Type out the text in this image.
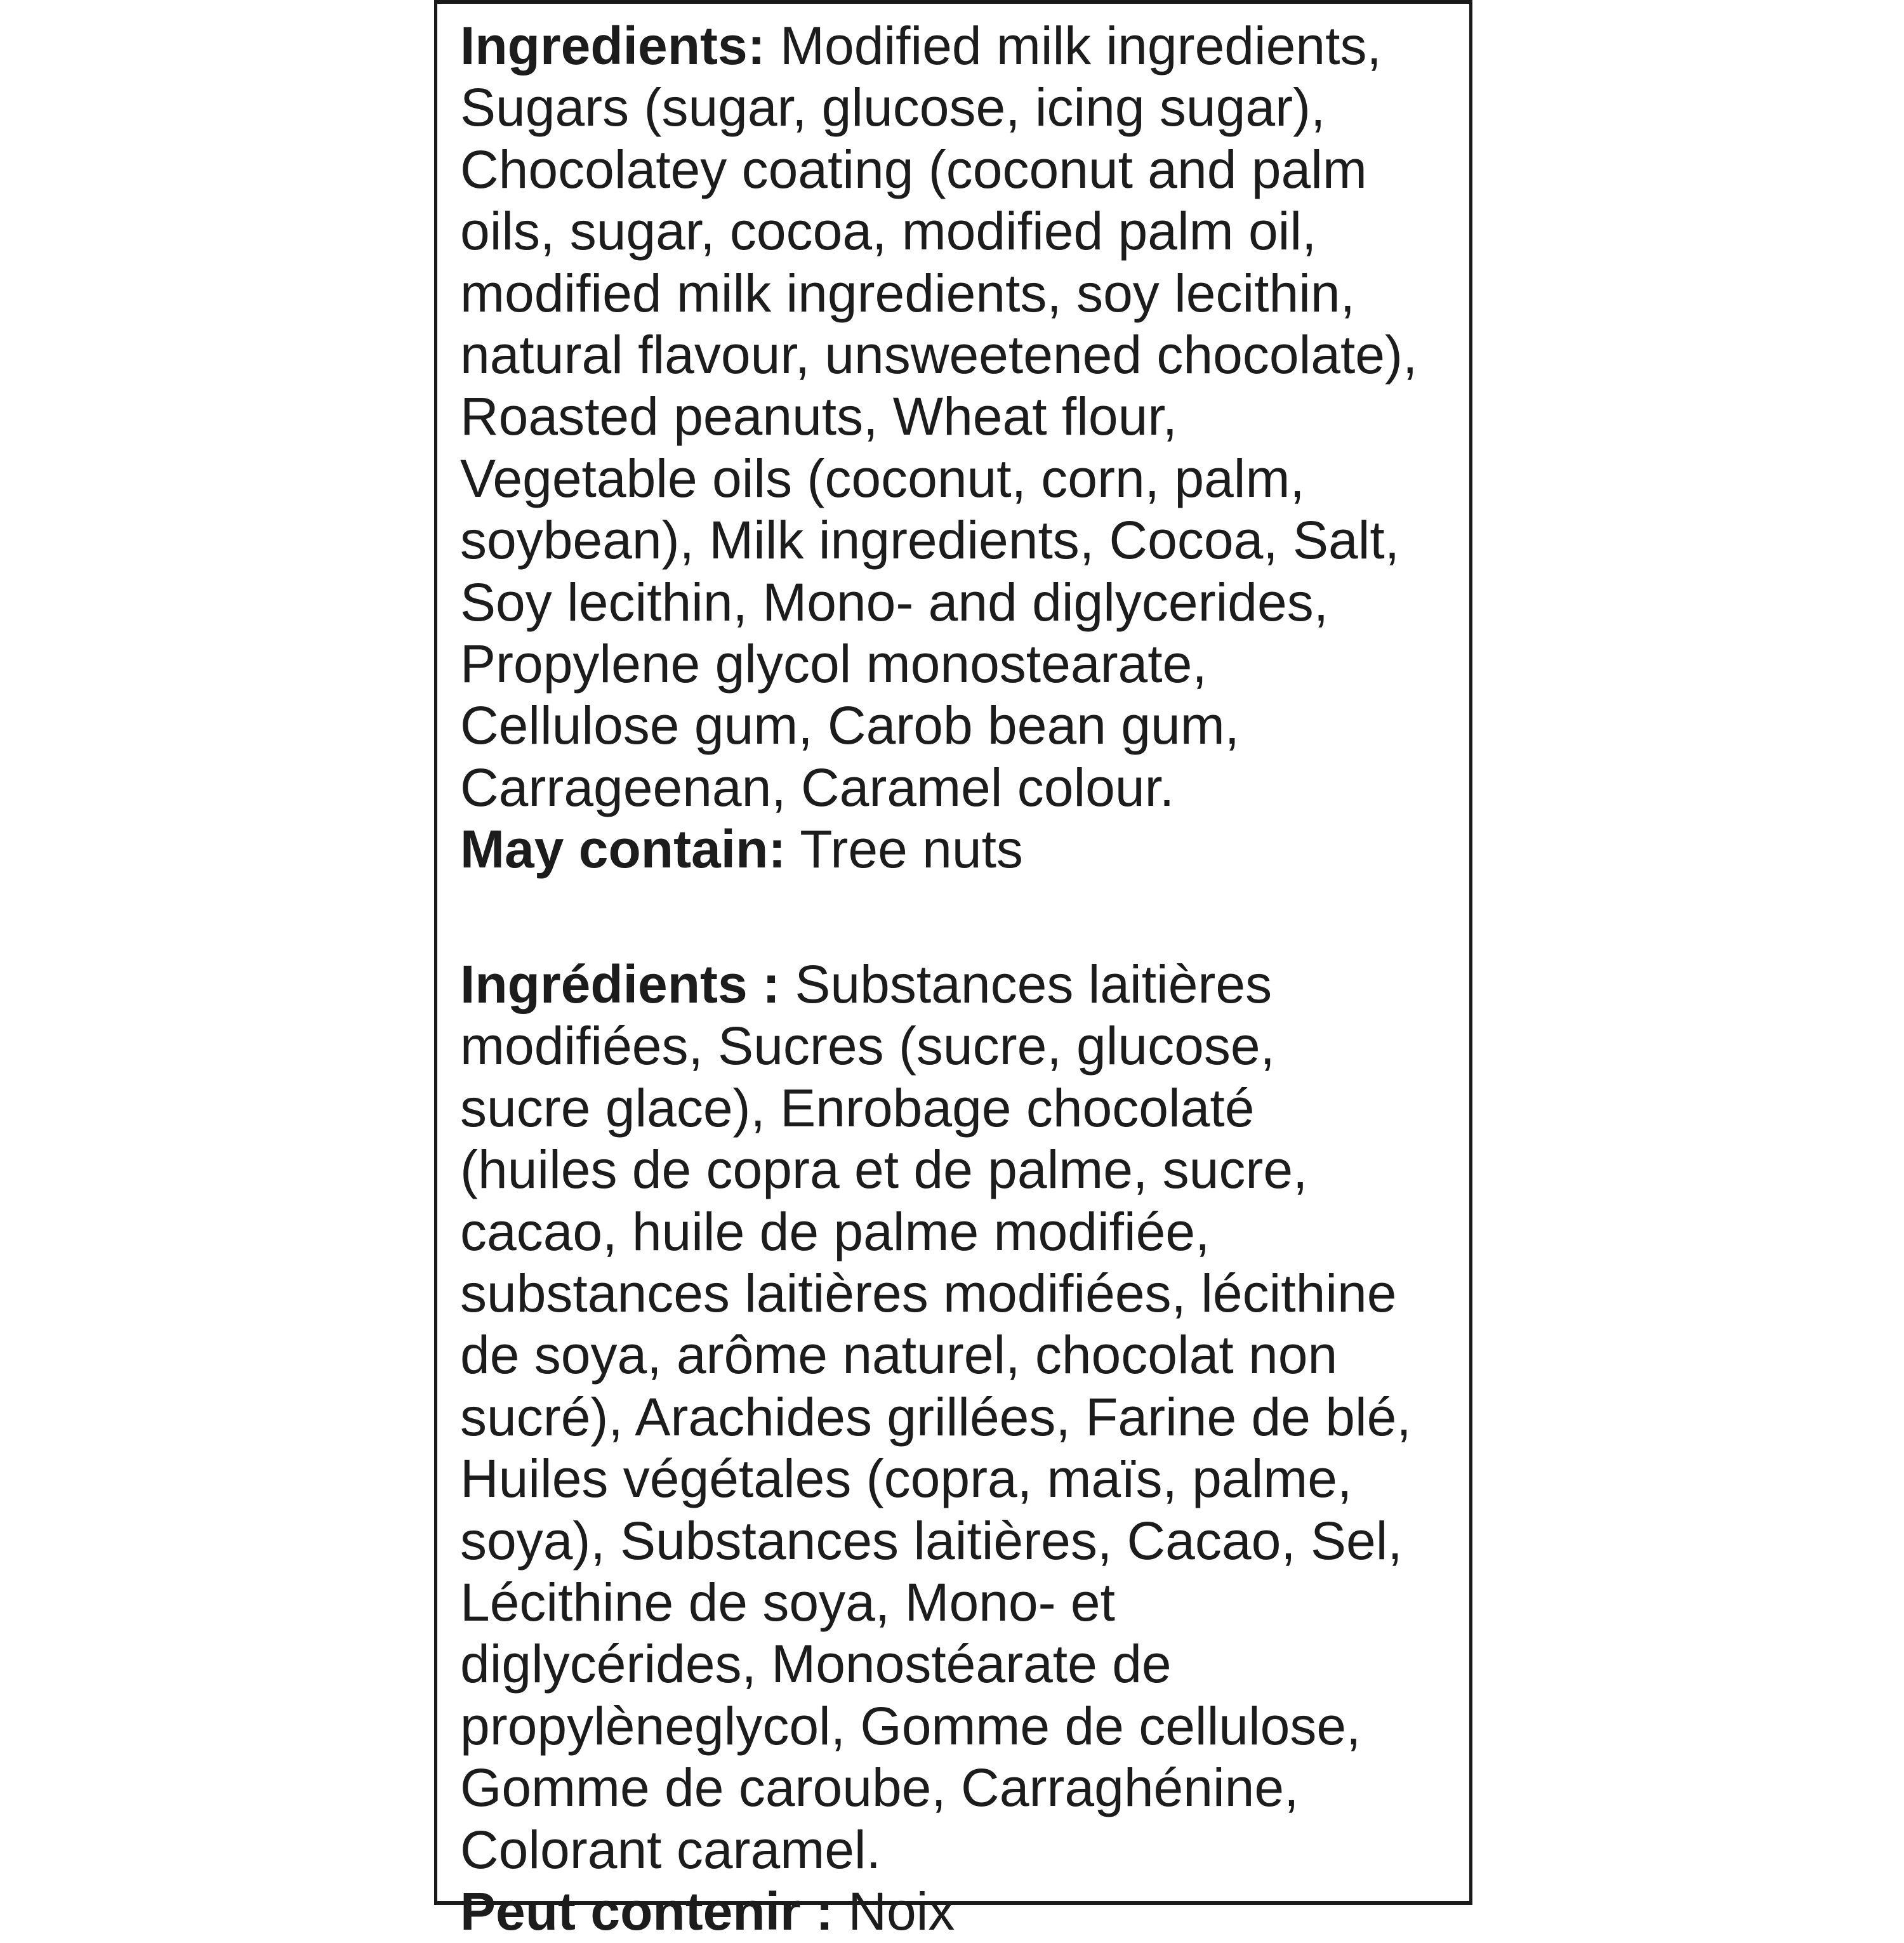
Ingredients: Modified milk ingredients,
Sugars (sugar, glucose, icing sugar),
Chocolatey coating (coconut and palm
oils, sugar, cocoa, modified palm oil,
modified milk ingredients, soy lecithin,
natural flavour, unsweetened chocolate),
Roasted peanuts, Wheat flour,
Vegetable oils (coconut, corn, palm,
soybean), Milk ingredients, Cocoa, Salt,
Soy lecithin, Mono- and diglycerides,
Propylene glycol monostearate,
Cellulose gum, Carob bean gum,
Carrageenan, Caramel colour.
May contain: Tree nuts
Ingrédients : Substances laitières
modifiées, Sucres (sucre, glucose,
sucre glace), Enrobage chocolaté
(huiles de copra et de palme, sucre,
cacao, huile de palme modifiée,
substances laitières modifiées, lécithine
de soya, arôme naturel, chocolat non
sucré), Arachides grillées, Farine de blé,
Huiles végétales (copra, maïs, palme,
soya), Substances laitières, Cacao, Sel,
Lécithine de soya, Mono- et
diglycérides, Monostéarate de
propylèneglycol, Gomme de cellulose,
Gomme de caroube, Carraghénine,
Colorant caramel.
Peut contenir : Noix
